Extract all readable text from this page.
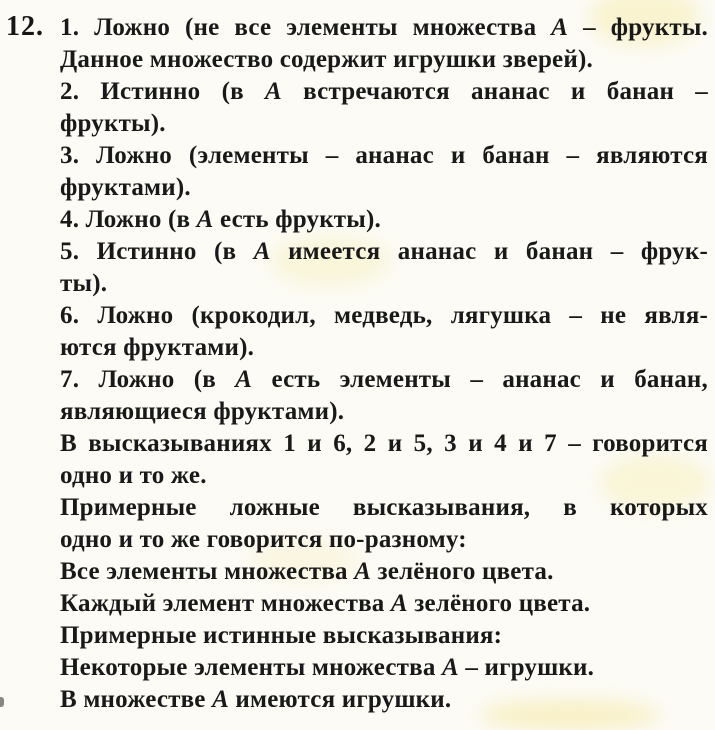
12. 1. Ложно (не все элементы множества А – фрукты.
Данное множество содержит игрушки зверей).
2. Истинно (в А встречаются ананас и банан –
фрукты).
3. Ложно (элементы – ананас и банан – являются
фруктами).
4. Ложно (в А есть фрукты).
5. Истинно (в А имеется ананас и банан – фрук-
ты).
6. Ложно (крокодил, медведь, лягушка – не явля-
ются фруктами).
7. Ложно (в А есть элементы – ананас и банан,
являющиеся фруктами).
В высказываниях 1 и 6, 2 и 5, 3 и 4 и 7 – говорится
одно и то же.
Примерные ложные высказывания, в которых
одно и то же говорится по-разному:
Все элементы множества А зелёного цвета.
Каждый элемент множества А зелёного цвета.
Примерные истинные высказывания:
Некоторые элементы множества А – игрушки.
В множестве А имеются игрушки.
